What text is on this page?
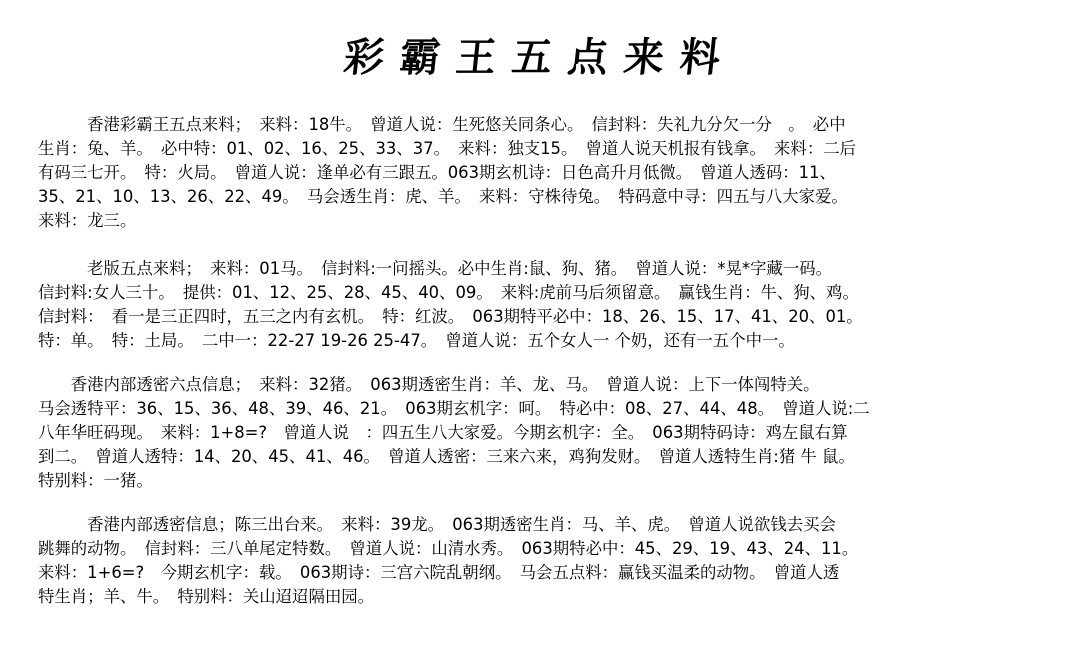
彩霸王五点来料
　　　香港彩霸王五点来料；　来料：18牛。　曾道人说：生死悠关同条心。　信封料：失礼九分欠一分　。　必中
生肖：兔、羊。　必中特：01、02、16、25、33、37。　来料：独支15。　曾道人说天机报有钱拿。　来料：二后
有码三七开。　特：火局。　曾道人说：逢单必有三跟五。063期玄机诗：日色高升月低微。　曾道人透码：11、
35、21、10、13、26、22、49。　马会透生肖：虎、羊。　来料：守株待兔。　特码意中寻：四五与八大家爱。
来料：龙三。
　　　老版五点来料；　来料：01马。　信封料:一问摇头。必中生肖:鼠、狗、猪。　曾道人说：*晃*字藏一码。
信封料:女人三十。　提供：01、12、25、28、45、40、09。　来料:虎前马后须留意。　赢钱生肖：牛、狗、鸡。
信封料：　看一是三正四时，五三之内有玄机。　特：红波。　063期特平必中：18、26、15、17、41、20、01。
特：单。　特：土局。　二中一：22-27 19-26 25-47。　曾道人说：五个女人一 个奶，还有一五个中一。
　　香港内部透密六点信息；　来料：32猪。　063期透密生肖：羊、龙、马。　曾道人说：上下一体闯特关。
马会透特平：36、15、36、48、39、46、21。　063期玄机字：呵。　特必中：08、27、44、48。　曾道人说:二
八年华旺码现。　来料：1+8=?　曾道人说　：四五生八大家爱。今期玄机字：全。　063期特码诗：鸡左鼠右算
到二。　曾道人透特：14、20、45、41、46。　曾道人透密：三来六来，鸡狗发财。　曾道人透特生肖:猪 牛 鼠。
特别料：一猪。
　　　香港内部透密信息；陈三出台来。　来料：39龙。　063期透密生肖：马、羊、虎。　曾道人说欲钱去买会
跳舞的动物。　信封料：三八单尾定特数。　曾道人说：山清水秀。　063期特必中：45、29、19、43、24、11。
来料：1+6=?　今期玄机字：载。　063期诗：三宫六院乱朝纲。　马会五点料：赢钱买温柔的动物。　曾道人透
特生肖；羊、牛。　特别料：关山迢迢隔田园。
